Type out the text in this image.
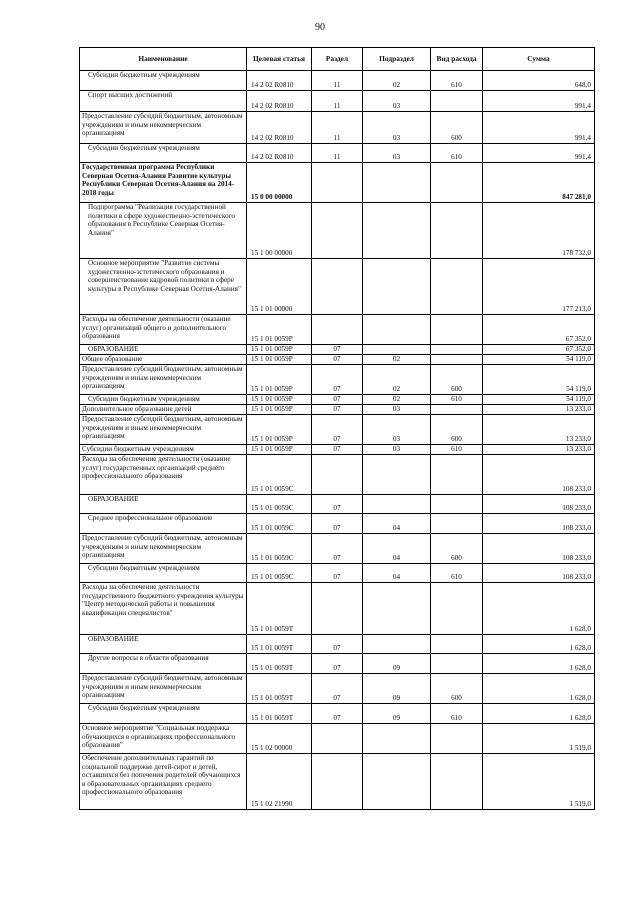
90
Наименование	Целевая статья	Раздел	Подраздел	Вид расхода	Сумма
Субсидии бюджетным учреждениям	14 2 02 R0810	11	02	610	648,0
Спорт высших достижений	14 2 02 R0810	11	03		991,4
Предоставление субсидий бюджетным, автономным учреждениям и иным некоммерческим организациям	14 2 02 R0810	11	03	600	991,4
Субсидии бюджетным учреждениям	14 2 02 R0810	11	03	610	991,4
Государственная программа Республики Северная Осетия-Алания Развитие культуры Республики Северная Осетия-Алания на 2014-2018 годы	15 0 00 00000				847 281,0
Подпрограмма "Реализация государственной политики в сфере художественно-эстетического образования в Республике Северная Осетия-Алания"	15 1 00 00000				178 732,0
Основное мероприятие "Развитие системы художественно-эстетического образования и совершенствование кадровой политики в сфере культуры в Республике Северная Осетия-Алания"	15 1 01 00000				177 213,0
Расходы на обеспечение деятельности (оказание услуг) организаций общего и дополнительного образования	15 1 01 0059Р				67 352,0
ОБРАЗОВАНИЕ	15 1 01 0059Р	07			67 352,0
Общее образование	15 1 01 0059Р	07	02		54 119,0
Предоставление субсидий бюджетным, автономным учреждениям и иным некоммерческим организациям	15 1 01 0059Р	07	02	600	54 119,0
Субсидии бюджетным учреждениям	15 1 01 0059Р	07	02	610	54 119,0
Дополнительное образование детей	15 1 01 0059Р	07	03		13 233,0
Предоставление субсидий бюджетным, автономным учреждениям и иным некоммерческим организациям	15 1 01 0059Р	07	03	600	13 233,0
Субсидии бюджетным учреждениям	15 1 01 0059Р	07	03	610	13 233,0
Расходы на обеспечение деятельности (оказание услуг) государственных организаций среднего профессионального образования	15 1 01 0059С				108 233,0
ОБРАЗОВАНИЕ	15 1 01 0059С	07			108 233,0
Среднее профессиональное образование	15 1 01 0059С	07	04		108 233,0
Предоставление субсидий бюджетным, автономным учреждениям и иным некоммерческим организациям	15 1 01 0059С	07	04	600	108 233,0
Субсидии бюджетным учреждениям	15 1 01 0059С	07	04	610	108 233,0
Расходы на обеспечение деятельности государственного бюджетного учреждения культуры "Центр методической работы и повышения квалификации специалистов"	15 1 01 0059Т				1 628,0
ОБРАЗОВАНИЕ	15 1 01 0059Т	07			1 628,0
Другие вопросы в области образования	15 1 01 0059Т	07	09		1 628,0
Предоставление субсидий бюджетным, автономным учреждениям и иным некоммерческим организациям	15 1 01 0059Т	07	09	600	1 628,0
Субсидии бюджетным учреждениям	15 1 01 0059Т	07	09	610	1 628,0
Основное мероприятие "Социальная поддержка обучающихся в организациях профессионального образования"	15 1 02 00000				1 519,0
Обеспечение дополнительных гарантий по социальной поддержке детей-сирот и детей, оставшихся без попечения родителей обучающихся в образовательных организациях среднего профессионального образования	15 1 02 21990				1 519,0
